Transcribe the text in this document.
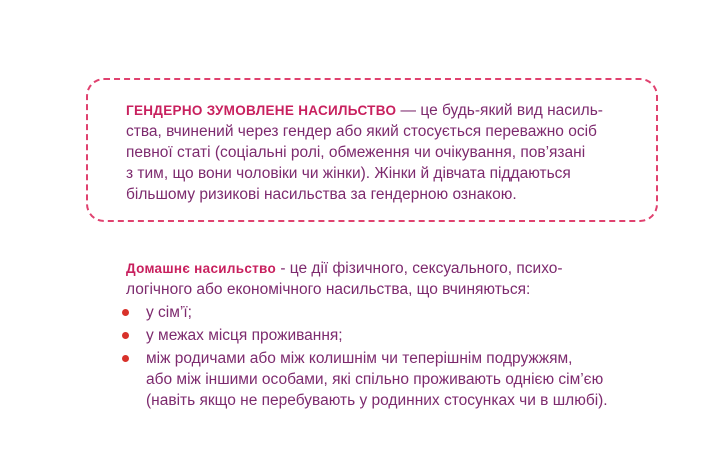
ГЕНДЕРНО ЗУМОВЛЕНЕ НАСИЛЬСТВО — це будь-який вид насиль-
ства, вчинений через гендер або який стосується переважно осіб
певної статі (соціальні ролі, обмеження чи очікування, пов’язані
з тим, що вони чоловіки чи жінки). Жінки й дівчата піддаються
більшому ризикові насильства за гендерною ознакою.

Домашнє насильство - це дії фізичного, сексуального, психо-
логічного або економічного насильства, що вчиняються:

у сім’ї;
у межах місця проживання;
між родичами або між колишнім чи теперішнім подружжям,
або між іншими особами, які спільно проживають однією сім’єю
(навіть якщо не перебувають у родинних стосунках чи в шлюбі).
